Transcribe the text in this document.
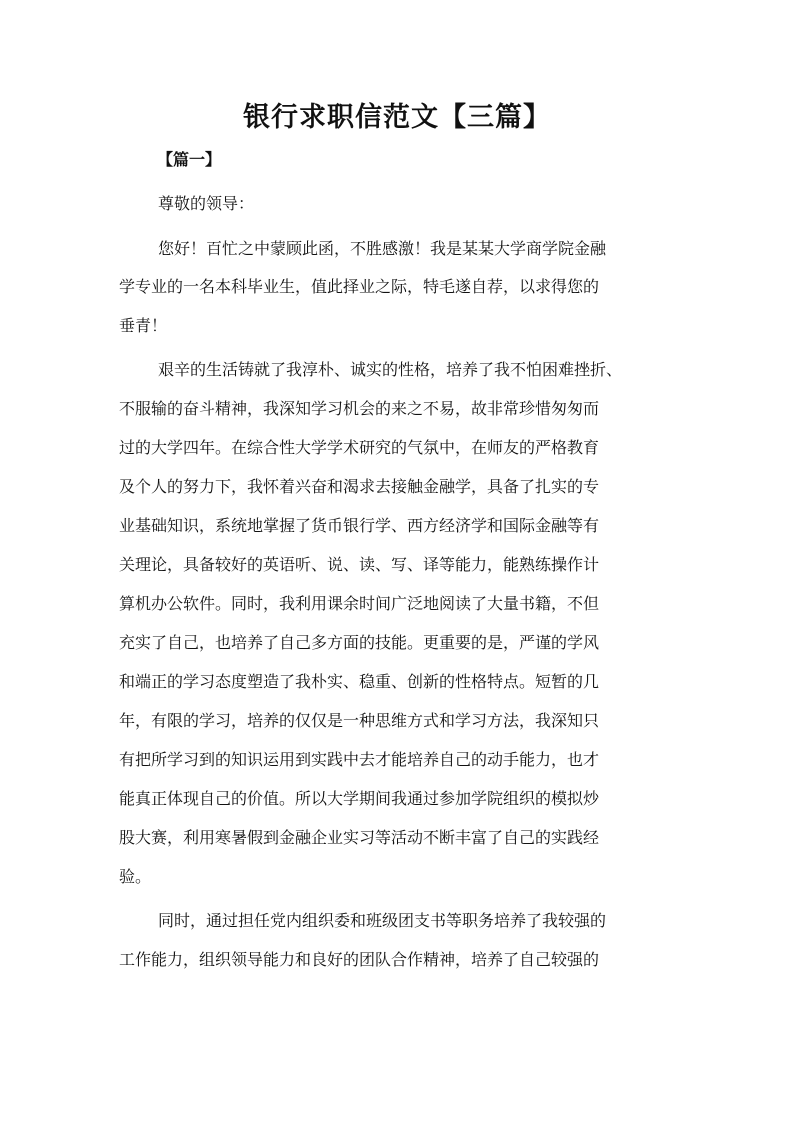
银行求职信范文【三篇】
【篇一】
尊敬的领导：
您好！百忙之中蒙顾此函，不胜感激！我是某某大学商学院金融
学专业的一名本科毕业生，值此择业之际，特毛遂自荐，以求得您的
垂青！
艰辛的生活铸就了我淳朴、诚实的性格，培养了我不怕困难挫折、
不服输的奋斗精神，我深知学习机会的来之不易，故非常珍惜匆匆而
过的大学四年。在综合性大学学术研究的气氛中，在师友的严格教育
及个人的努力下，我怀着兴奋和渴求去接触金融学，具备了扎实的专
业基础知识，系统地掌握了货币银行学、西方经济学和国际金融等有
关理论，具备较好的英语听、说、读、写、译等能力，能熟练操作计
算机办公软件。同时，我利用课余时间广泛地阅读了大量书籍，不但
充实了自己，也培养了自己多方面的技能。更重要的是，严谨的学风
和端正的学习态度塑造了我朴实、稳重、创新的性格特点。短暂的几
年，有限的学习，培养的仅仅是一种思维方式和学习方法，我深知只
有把所学习到的知识运用到实践中去才能培养自己的动手能力，也才
能真正体现自己的价值。所以大学期间我通过参加学院组织的模拟炒
股大赛，利用寒暑假到金融企业实习等活动不断丰富了自己的实践经
验。
同时，通过担任党内组织委和班级团支书等职务培养了我较强的
工作能力，组织领导能力和良好的团队合作精神，培养了自己较强的
